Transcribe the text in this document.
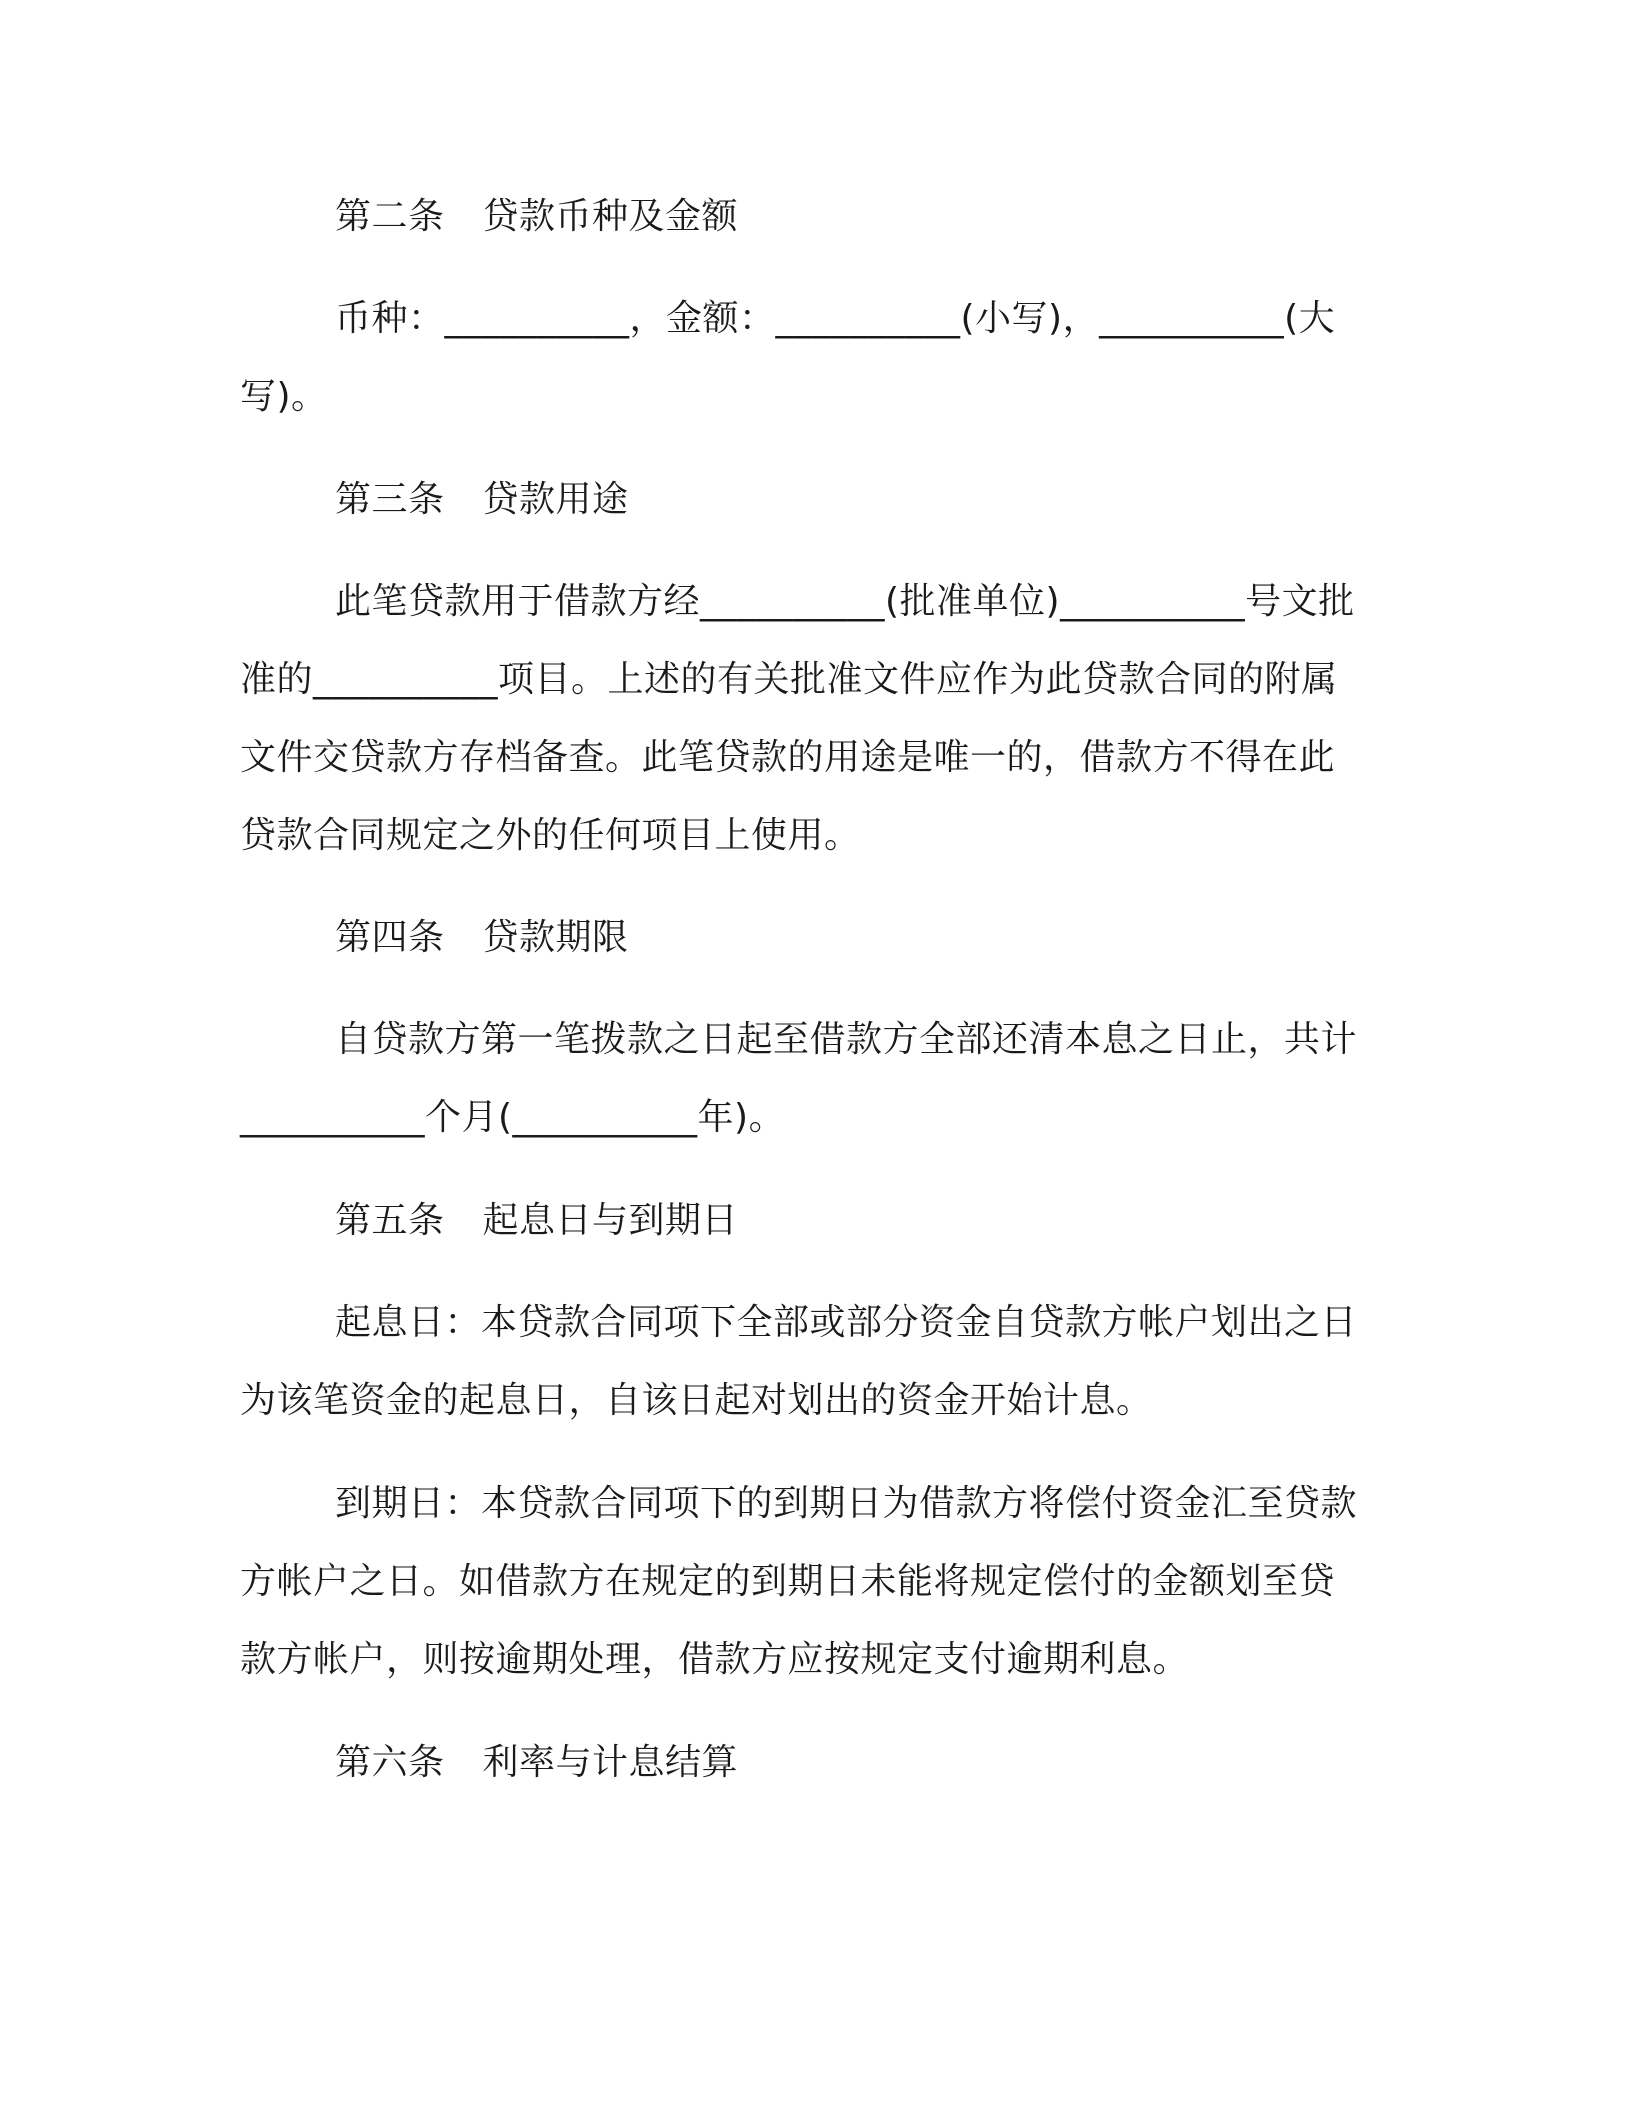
第二条 贷款币种及金额
币种：__________，金额：__________(小写)，__________(大
写)。
第三条 贷款用途
此笔贷款用于借款方经__________(批准单位)__________号文批
准的__________项目。上述的有关批准文件应作为此贷款合同的附属
文件交贷款方存档备查。此笔贷款的用途是唯一的，借款方不得在此
贷款合同规定之外的任何项目上使用。
第四条 贷款期限
自贷款方第一笔拨款之日起至借款方全部还清本息之日止，共计
__________个月(__________年)。
第五条 起息日与到期日
起息日：本贷款合同项下全部或部分资金自贷款方帐户划出之日
为该笔资金的起息日，自该日起对划出的资金开始计息。
到期日：本贷款合同项下的到期日为借款方将偿付资金汇至贷款
方帐户之日。如借款方在规定的到期日未能将规定偿付的金额划至贷
款方帐户，则按逾期处理，借款方应按规定支付逾期利息。
第六条 利率与计息结算
